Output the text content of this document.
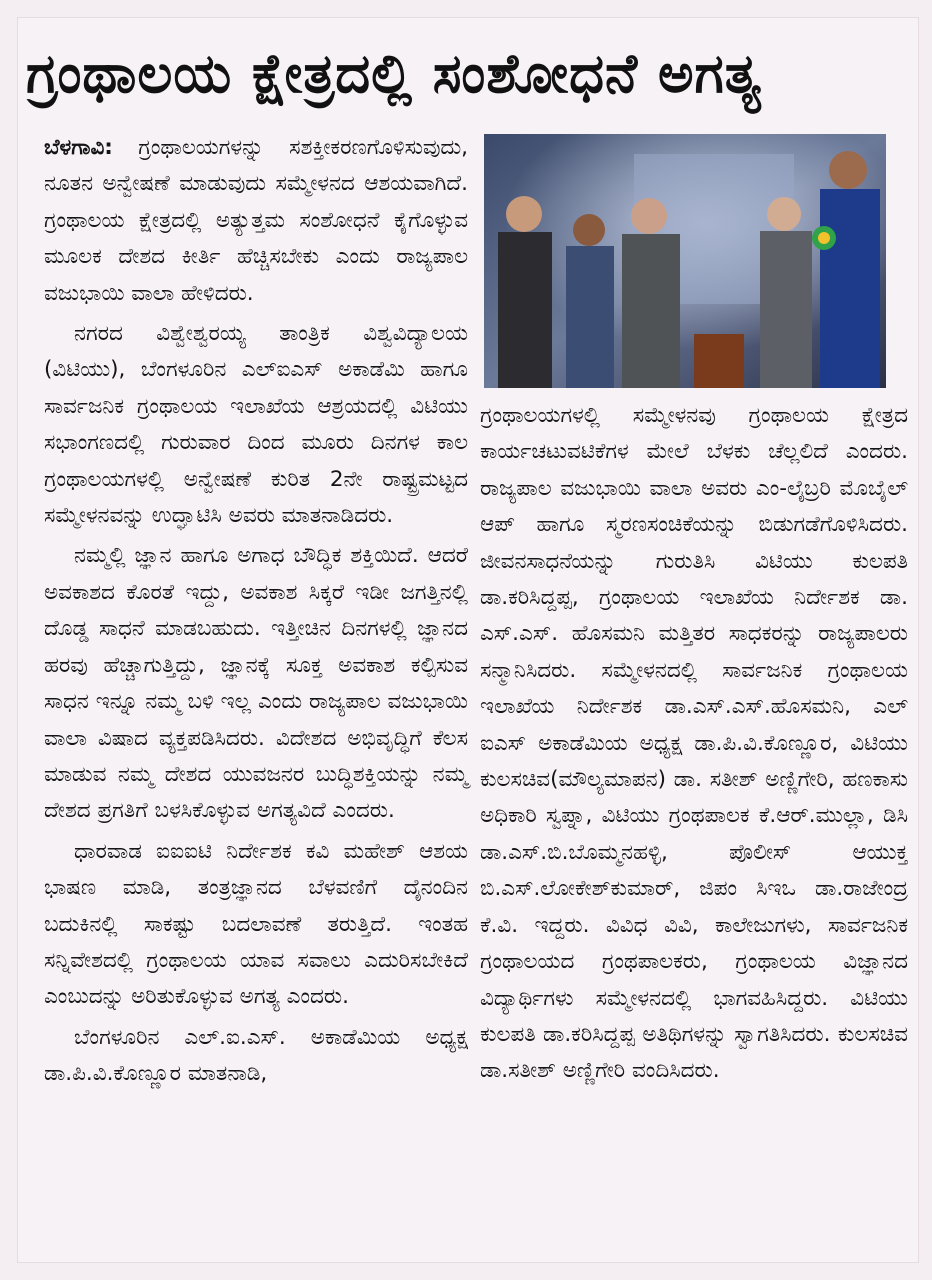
ಗ್ರಂಥಾಲಯ ಕ್ಷೇತ್ರದಲ್ಲಿ ಸಂಶೋಧನೆ ಅಗತ್ಯ

ಬೆಳಗಾವಿ: ಗ್ರಂಥಾಲಯಗಳನ್ನು ಸಶಕ್ತೀಕರಣಗೊಳಿಸುವುದು, ನೂತನ ಅನ್ವೇಷಣೆ ಮಾಡುವುದು ಸಮ್ಮೇಳನದ ಆಶಯವಾಗಿದೆ. ಗ್ರಂಥಾಲಯ ಕ್ಷೇತ್ರದಲ್ಲಿ ಅತ್ಯುತ್ತಮ ಸಂಶೋಧನೆ ಕೈಗೊಳ್ಳುವ ಮೂಲಕ ದೇಶದ ಕೀರ್ತಿ ಹೆಚ್ಚಿಸಬೇಕು ಎಂದು ರಾಜ್ಯಪಾಲ ವಜುಭಾಯಿ ವಾಲಾ ಹೇಳಿದರು.

ನಗರದ ವಿಶ್ವೇಶ್ವರಯ್ಯ ತಾಂತ್ರಿಕ ವಿಶ್ವವಿದ್ಯಾಲಯ (ವಿಟಿಯು), ಬೆಂಗಳೂರಿನ ಎಲ್‌ಐಎಸ್ ಅಕಾಡೆಮಿ ಹಾಗೂ ಸಾರ್ವಜನಿಕ ಗ್ರಂಥಾಲಯ ಇಲಾಖೆಯ ಆಶ್ರಯದಲ್ಲಿ ವಿಟಿಯು ಸಭಾಂಗಣದಲ್ಲಿ ಗುರುವಾರ ದಿಂದ ಮೂರು ದಿನಗಳ ಕಾಲ ಗ್ರಂಥಾಲಯಗಳಲ್ಲಿ ಅನ್ವೇಷಣೆ ಕುರಿತ 2ನೇ ರಾಷ್ಟ್ರಮಟ್ಟದ ಸಮ್ಮೇಳನವನ್ನು ಉದ್ಘಾಟಿಸಿ ಅವರು ಮಾತನಾಡಿದರು.

ನಮ್ಮಲ್ಲಿ ಜ್ಞಾನ ಹಾಗೂ ಅಗಾಧ ಬೌದ್ಧಿಕ ಶಕ್ತಿಯಿದೆ. ಆದರೆ ಅವಕಾಶದ ಕೊರತೆ ಇದ್ದು, ಅವಕಾಶ ಸಿಕ್ಕರೆ ಇಡೀ ಜಗತ್ತಿನಲ್ಲಿ ದೊಡ್ಡ ಸಾಧನೆ ಮಾಡಬಹುದು. ಇತ್ತೀಚಿನ ದಿನಗಳಲ್ಲಿ ಜ್ಞಾನದ ಹರವು ಹೆಚ್ಚಾಗುತ್ತಿದ್ದು, ಜ್ಞಾನಕ್ಕೆ ಸೂಕ್ತ ಅವಕಾಶ ಕಲ್ಪಿಸುವ ಸಾಧನ ಇನ್ನೂ ನಮ್ಮ ಬಳಿ ಇಲ್ಲ ಎಂದು ರಾಜ್ಯಪಾಲ ವಜುಭಾಯಿ ವಾಲಾ ವಿಷಾದ ವ್ಯಕ್ತಪಡಿಸಿದರು. ವಿದೇಶದ ಅಭಿವೃದ್ಧಿಗೆ ಕೆಲಸ ಮಾಡುವ ನಮ್ಮ ದೇಶದ ಯುವಜನರ ಬುದ್ಧಿಶಕ್ತಿಯನ್ನು ನಮ್ಮ ದೇಶದ ಪ್ರಗತಿಗೆ ಬಳಸಿಕೊಳ್ಳುವ ಅಗತ್ಯವಿದೆ ಎಂದರು.

ಧಾರವಾಡ ಐಐಐಟಿ ನಿರ್ದೇಶಕ ಕವಿ ಮಹೇಶ್ ಆಶಯ ಭಾಷಣ ಮಾಡಿ, ತಂತ್ರಜ್ಞಾನದ ಬೆಳವಣಿಗೆ ದೈನಂದಿನ ಬದುಕಿನಲ್ಲಿ ಸಾಕಷ್ಟು ಬದಲಾವಣೆ ತರುತ್ತಿದೆ. ಇಂತಹ ಸನ್ನಿವೇಶದಲ್ಲಿ ಗ್ರಂಥಾಲಯ ಯಾವ ಸವಾಲು ಎದುರಿಸಬೇಕಿದೆ ಎಂಬುದನ್ನು ಅರಿತುಕೊಳ್ಳುವ ಅಗತ್ಯ ಎಂದರು.

ಬೆಂಗಳೂರಿನ ಎಲ್.ಐ.ಎಸ್. ಅಕಾಡೆಮಿಯ ಅಧ್ಯಕ್ಷ ಡಾ.ಪಿ.ವಿ.ಕೊಣ್ಣೂರ ಮಾತನಾಡಿ,

ಗ್ರಂಥಾಲಯಗಳಲ್ಲಿ ಸಮ್ಮೇಳನವು ಗ್ರಂಥಾಲಯ ಕ್ಷೇತ್ರದ ಕಾರ್ಯಚಟುವಟಿಕೆಗಳ ಮೇಲೆ ಬೆಳಕು ಚೆಲ್ಲಲಿದೆ ಎಂದರು. ರಾಜ್ಯಪಾಲ ವಜುಭಾಯಿ ವಾಲಾ ಅವರು ಎಂ-ಲೈಬ್ರರಿ ಮೊಬೈಲ್ ಆಪ್ ಹಾಗೂ ಸ್ಮರಣಸಂಚಿಕೆಯನ್ನು ಬಿಡುಗಡೆಗೊಳಿಸಿದರು. ಜೀವನಸಾಧನೆಯನ್ನು ಗುರುತಿಸಿ ವಿಟಿಯು ಕುಲಪತಿ ಡಾ.ಕರಿಸಿದ್ದಪ್ಪ, ಗ್ರಂಥಾಲಯ ಇಲಾಖೆಯ ನಿರ್ದೇಶಕ ಡಾ. ಎಸ್.ಎಸ್. ಹೊಸಮನಿ ಮತ್ತಿತರ ಸಾಧಕರನ್ನು ರಾಜ್ಯಪಾಲರು ಸನ್ಮಾನಿಸಿದರು. ಸಮ್ಮೇಳನದಲ್ಲಿ ಸಾರ್ವಜನಿಕ ಗ್ರಂಥಾಲಯ ಇಲಾಖೆಯ ನಿರ್ದೇಶಕ ಡಾ.ಎಸ್.ಎಸ್.ಹೊಸಮನಿ, ಎಲ್ ಐಎಸ್ ಅಕಾಡೆಮಿಯ ಅಧ್ಯಕ್ಷ ಡಾ.ಪಿ.ವಿ.ಕೊಣ್ಣೂರ, ವಿಟಿಯು ಕುಲಸಚಿವ(ಮೌಲ್ಯಮಾಪನ) ಡಾ. ಸತೀಶ್ ಅಣ್ಣಿಗೇರಿ, ಹಣಕಾಸು ಅಧಿಕಾರಿ ಸ್ವಪ್ನಾ, ವಿಟಿಯು ಗ್ರಂಥಪಾಲಕ ಕೆ.ಆರ್.ಮುಲ್ಲಾ, ಡಿಸಿ ಡಾ.ಎಸ್.ಬಿ.ಬೊಮ್ಮನಹಳ್ಳಿ, ಪೊಲೀಸ್ ಆಯುಕ್ತ ಬಿ.ಎಸ್.ಲೋಕೇಶ್‌ಕುಮಾರ್, ಜಿಪಂ ಸಿಇಒ ಡಾ.ರಾಜೇಂದ್ರ ಕೆ.ವಿ. ಇದ್ದರು. ವಿವಿಧ ವಿವಿ, ಕಾಲೇಜುಗಳು, ಸಾರ್ವಜನಿಕ ಗ್ರಂಥಾಲಯದ ಗ್ರಂಥಪಾಲಕರು, ಗ್ರಂಥಾಲಯ ವಿಜ್ಞಾನದ ವಿದ್ಯಾರ್ಥಿಗಳು ಸಮ್ಮೇಳನದಲ್ಲಿ ಭಾಗವಹಿಸಿದ್ದರು. ವಿಟಿಯು ಕುಲಪತಿ ಡಾ.ಕರಿಸಿದ್ದಪ್ಪ ಅತಿಥಿಗಳನ್ನು ಸ್ವಾಗತಿಸಿದರು. ಕುಲಸಚಿವ ಡಾ.ಸತೀಶ್ ಅಣ್ಣಿಗೇರಿ ವಂದಿಸಿದರು.
